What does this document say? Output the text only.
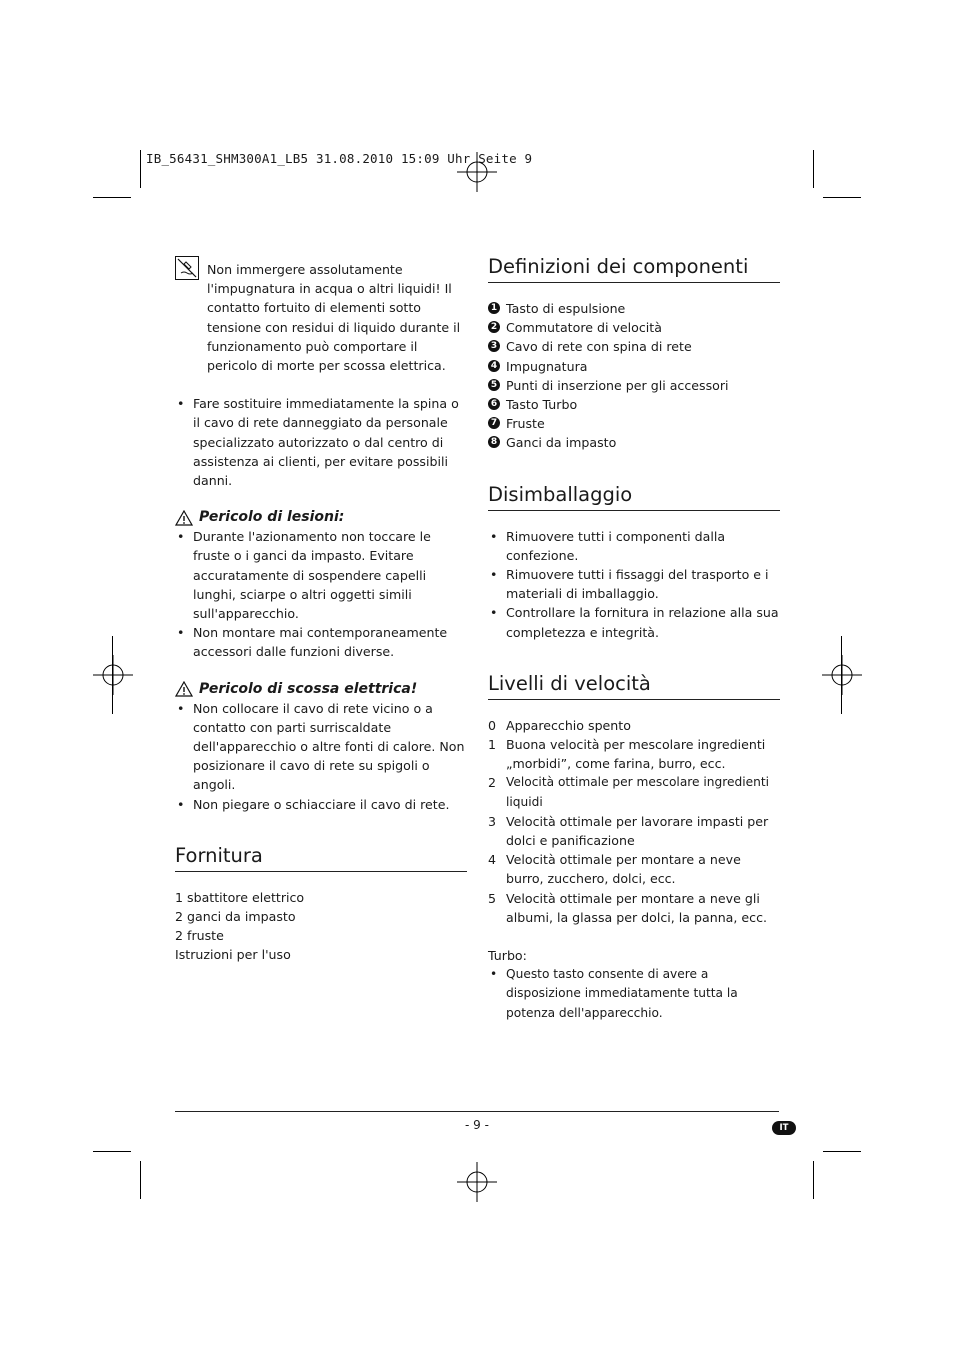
IB_56431_SHM300A1_LB5 31.08.2010 15:09 Uhr Seite 9

Non immergere assolutamente l'impugnatura in acqua o altri liquidi! Il contatto fortuito di elementi sotto tensione con residui di liquido durante il funzionamento può comportare il pericolo di morte per scossa elettrica.

• Fare sostituire immediatamente la spina o il cavo di rete danneggiato da personale specializzato autorizzato o dal centro di assistenza ai clienti, per evitare possibili danni.
Pericolo di lesioni:
• Durante l'azionamento non toccare le fruste o i ganci da impasto. Evitare accuratamente di sospendere capelli lunghi, sciarpe o altri oggetti simili sull'apparecchio.
• Non montare mai contemporaneamente accessori dalle funzioni diverse.
Pericolo di scossa elettrica!
• Non collocare il cavo di rete vicino o a contatto con parti surriscaldate dell'apparecchio o altre fonti di calore. Non posizionare il cavo di rete su spigoli o angoli.
• Non piegare o schiacciare il cavo di rete.
Fornitura

1 sbattitore elettrico

2 ganci da impasto

2 fruste

Istruzioni per l'uso

Definizioni dei componenti
1 Tasto di espulsione
2 Commutatore di velocità
3 Cavo di rete con spina di rete
4 Impugnatura
5 Punti di inserzione per gli accessori
6 Tasto Turbo
7 Fruste
8 Ganci da impasto
Disimballaggio
• Rimuovere tutti i componenti dalla confezione.
• Rimuovere tutti i fissaggi del trasporto e i materiali di imballaggio.
• Controllare la fornitura in relazione alla sua completezza e integrità.
Livelli di velocità
0 Apparecchio spento
1 Buona velocità per mescolare ingredienti „morbidi”, come farina, burro, ecc.
2 Velocità ottimale per mescolare ingredienti liquidi
3 Velocità ottimale per lavorare impasti per dolci e panificazione
4 Velocità ottimale per montare a neve burro, zucchero, dolci, ecc.
5 Velocità ottimale per montare a neve gli albumi, la glassa per dolci, la panna, ecc.

Turbo:

• Questo tasto consente di avere a disposizione immediatamente tutta la potenza dell'apparecchio.
- 9 -	IT
